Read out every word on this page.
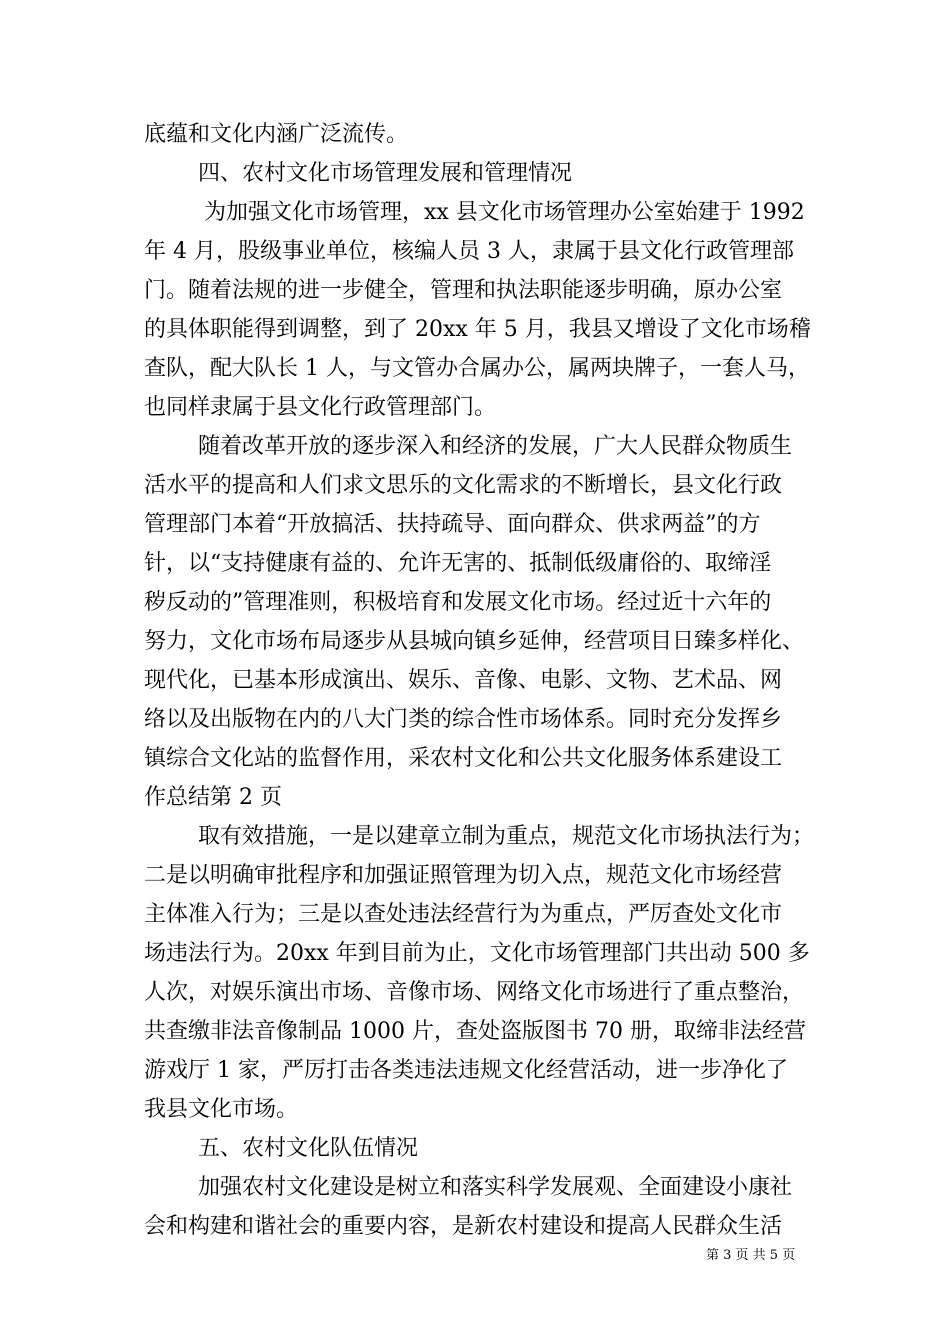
底蕴和文化内涵广泛流传。
四、农村文化市场管理发展和管理情况
为加强文化市场管理，xx 县文化市场管理办公室始建于 1992
年 4 月，股级事业单位，核编人员 3 人，隶属于县文化行政管理部
门。随着法规的进一步健全，管理和执法职能逐步明确，原办公室
的具体职能得到调整，到了 20xx 年 5 月，我县又增设了文化市场稽
查队，配大队长 1 人，与文管办合属办公，属两块牌子，一套人马，
也同样隶属于县文化行政管理部门。
随着改革开放的逐步深入和经济的发展，广大人民群众物质生
活水平的提高和人们求文思乐的文化需求的不断增长，县文化行政
管理部门本着“开放搞活、扶持疏导、面向群众、供求两益”的方
针，以“支持健康有益的、允许无害的、抵制低级庸俗的、取缔淫
秽反动的”管理准则，积极培育和发展文化市场。经过近十六年的
努力，文化市场布局逐步从县城向镇乡延伸，经营项目日臻多样化、
现代化，已基本形成演出、娱乐、音像、电影、文物、艺术品、网
络以及出版物在内的八大门类的综合性市场体系。同时充分发挥乡
镇综合文化站的监督作用，采农村文化和公共文化服务体系建设工
作总结第 2 页
取有效措施，一是以建章立制为重点，规范文化市场执法行为；
二是以明确审批程序和加强证照管理为切入点，规范文化市场经营
主体准入行为；三是以查处违法经营行为为重点，严厉查处文化市
场违法行为。20xx 年到目前为止，文化市场管理部门共出动 500 多
人次，对娱乐演出市场、音像市场、网络文化市场进行了重点整治，
共查缴非法音像制品 1000 片，查处盗版图书 70 册，取缔非法经营
游戏厅 1 家，严厉打击各类违法违规文化经营活动，进一步净化了
我县文化市场。
五、农村文化队伍情况
加强农村文化建设是树立和落实科学发展观、全面建设小康社
会和构建和谐社会的重要内容，是新农村建设和提高人民群众生活
第 3 页 共 5 页
